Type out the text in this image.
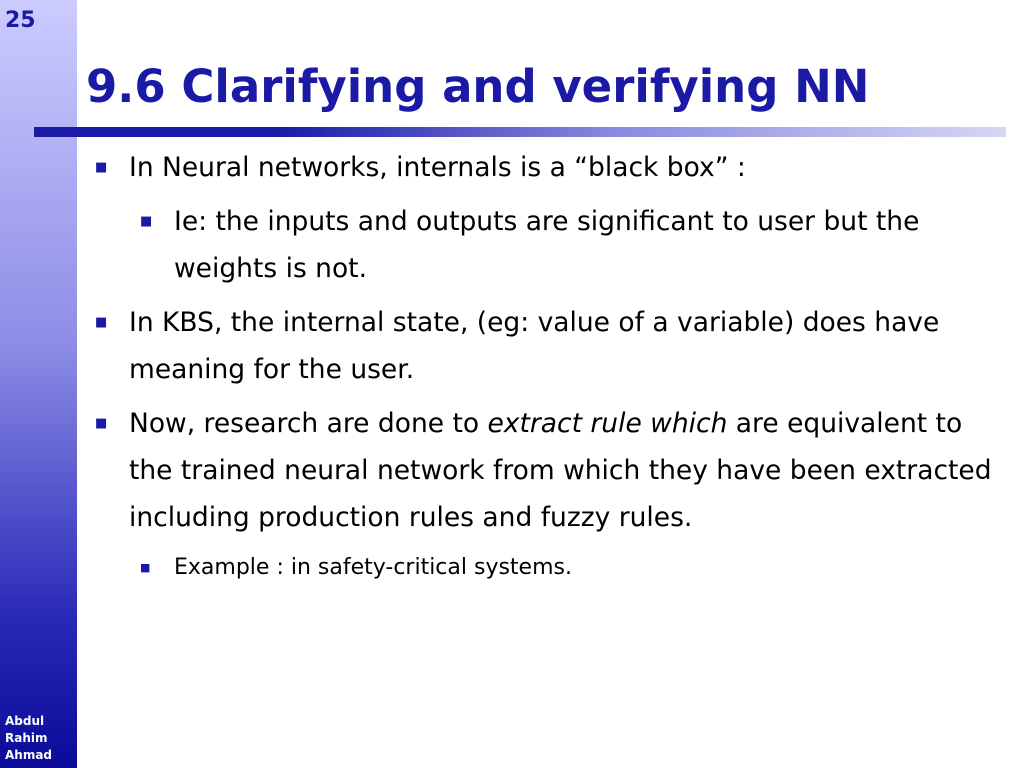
25
Abdul
Rahim
Ahmad
9.6 Clarifying and verifying NN
■ In Neural networks, internals is a “black box” :
■ Ie: the inputs and outputs are significant to user but the weights is not.
■ In KBS, the internal state, (eg: value of a variable) does have meaning for the user.
■ Now, research are done to extract rule which are equivalent to the trained neural network from which they have been extracted including production rules and fuzzy rules.
■ Example : in safety-critical systems.
